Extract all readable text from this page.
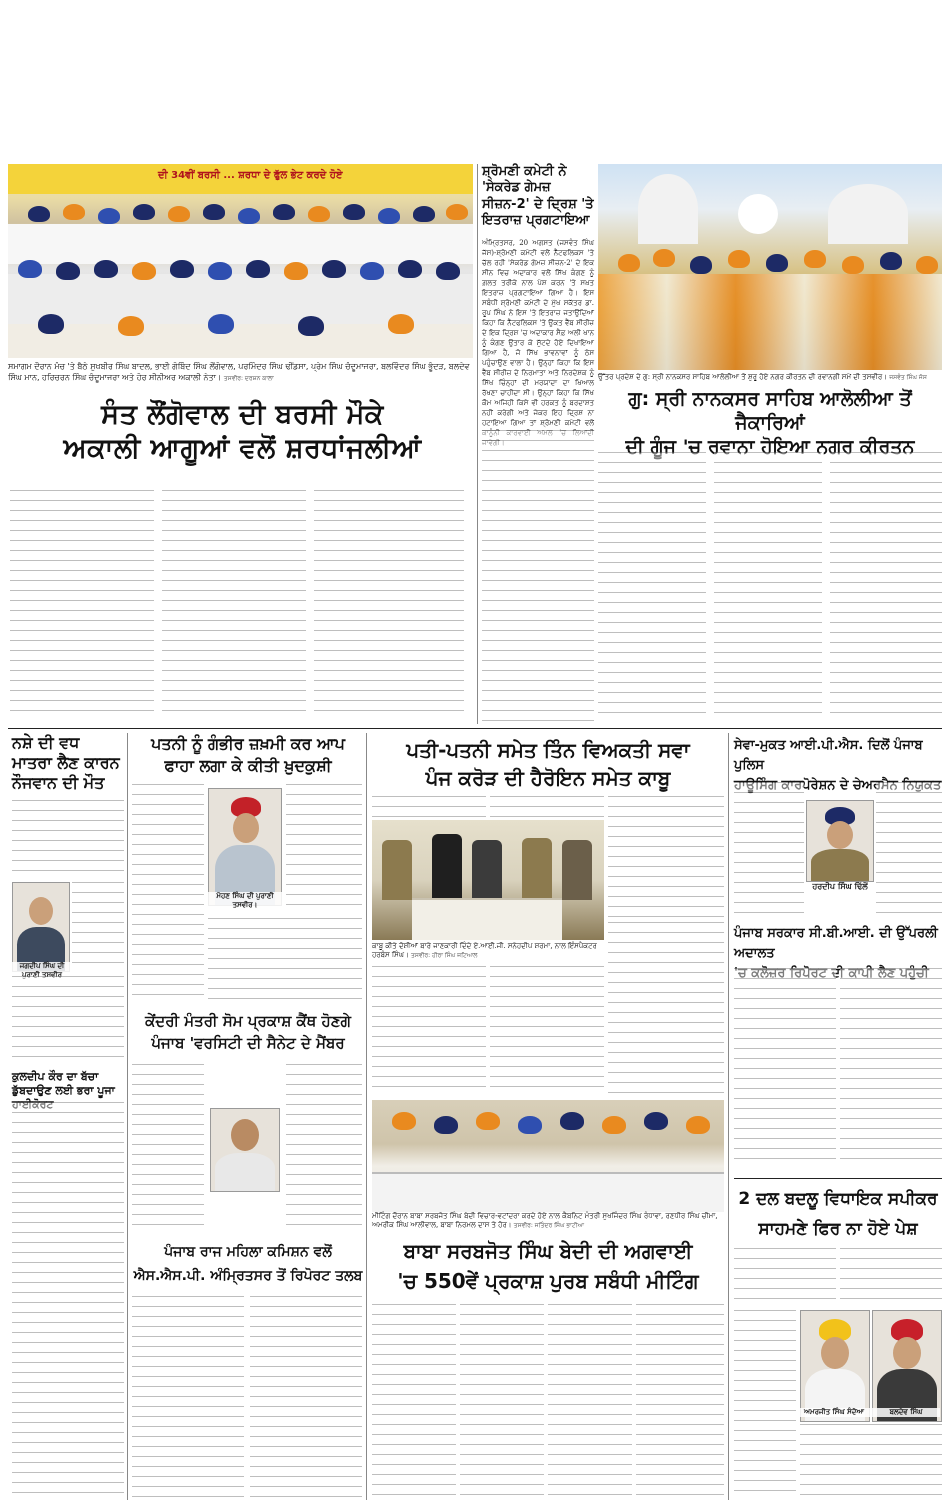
ਦੀ 34ਵੀਂ ਬਰਸੀ ... ਸ਼ਰਧਾ ਦੇ ਫੁੱਲ ਭੇਟ ਕਰਦੇ ਹੋਏ
ਸਮਾਗਮ ਦੌਰਾਨ ਮੰਚ 'ਤੇ ਬੈਠੇ ਸੁਖਬੀਰ ਸਿੰਘ ਬਾਦਲ, ਭਾਈ ਗੋਬਿੰਦ ਸਿੰਘ ਲੌਂਗੋਵਾਲ, ਪਰਮਿੰਦਰ ਸਿੰਘ ਢੀਂਡਸਾ, ਪ੍ਰੇਮ ਸਿੰਘ ਚੰਦੂਮਾਜਰਾ, ਬਲਵਿੰਦਰ ਸਿੰਘ ਭੂੰਦੜ, ਬਲਦੇਵ ਸਿੰਘ ਮਾਨ, ਹਰਿਚਰਨ ਸਿੰਘ ਚੰਦੂਮਾਜਰਾ ਅਤੇ ਹੋਰ ਸੀਨੀਅਰ ਅਕਾਲੀ ਨੇਤਾ। ਤਸਵੀਰ: ਦਰਸ਼ਨ ਕਾਲਾ
ਸੰਤ ਲੌਂਗੋਵਾਲ ਦੀ ਬਰਸੀ ਮੌਕੇ
ਅਕਾਲੀ ਆਗੂਆਂ ਵਲੋਂ ਸ਼ਰਧਾਂਜਲੀਆਂ
ਸ਼੍ਰੋਮਣੀ ਕਮੇਟੀ ਨੇ 'ਸੇਕਰੇਡ ਗੇਮਜ਼ ਸੀਜ਼ਨ-2' ਦੇ ਦ੍ਰਿਸ਼ 'ਤੇ ਇਤਰਾਜ਼ ਪ੍ਰਗਟਾਇਆ
ਅੰਮ੍ਰਿਤਸਰ, 20 ਅਗਸਤ (ਜਸਵੰਤ ਸਿੰਘ ਜੱਸ)-ਸ਼੍ਰੋਮਣੀ ਕਮੇਟੀ ਵਲੋਂ ਨੈੱਟਫਲਿਕਸ 'ਤੇ ਚੱਲ ਰਹੀ 'ਸੇਕਰੇਡ ਗੇਮਜ਼ ਸੀਜ਼ਨ-2' ਦੇ ਇਕ ਸੀਨ ਵਿਚ ਅਦਾਕਾਰ ਵਲੋਂ ਸਿੱਖ ਕੰਗਣ ਨੂੰ ਗ਼ਲਤ ਤਰੀਕੇ ਨਾਲ ਪੇਸ਼ ਕਰਨ 'ਤੇ ਸਖ਼ਤ ਇਤਰਾਜ਼ ਪ੍ਰਗਟਾਇਆ ਗਿਆ ਹੈ। ਇਸ ਸਬੰਧੀ ਸ਼੍ਰੋਮਣੀ ਕਮੇਟੀ ਦੇ ਮੁੱਖ ਸਕੱਤਰ ਡਾ. ਰੂਪ ਸਿੰਘ ਨੇ ਇਸ 'ਤੇ ਇਤਰਾਜ਼ ਜਤਾਉਂਦਿਆਂ ਕਿਹਾ ਕਿ ਨੈੱਟਫਲਿਕਸ 'ਤੇ ਉਕਤ ਵੈੱਬ ਸੀਰੀਜ਼ ਦੇ ਇਕ ਦ੍ਰਿਸ਼ 'ਚ ਅਦਾਕਾਰ ਸੈਫ਼ ਅਲੀ ਖਾਨ ਨੂੰ ਕੰਗਣ ਉਤਾਰ ਕੇ ਸੁੱਟਦੇ ਹੋਏ ਦਿਖਾਇਆ ਗਿਆ ਹੈ, ਜੋ ਸਿੱਖ ਭਾਵਨਾਵਾਂ ਨੂੰ ਠੇਸ ਪਹੁੰਚਾਉਣ ਵਾਲਾ ਹੈ। ਉਨ੍ਹਾਂ ਕਿਹਾ ਕਿ ਇਸ ਵੈੱਬ ਸੀਰੀਜ਼ ਦੇ ਨਿਰਮਾਤਾ ਅਤੇ ਨਿਰਦੇਸ਼ਕ ਨੂੰ ਸਿੱਖ ਚਿੰਨ੍ਹਾਂ ਦੀ ਮਰਯਾਦਾ ਦਾ ਖਿਆਲ ਰੱਖਣਾ ਚਾਹੀਦਾ ਸੀ। ਉਨ੍ਹਾਂ ਕਿਹਾ ਕਿ ਸਿੱਖ ਕੌਮ ਅਜਿਹੀ ਕਿਸੇ ਵੀ ਹਰਕਤ ਨੂੰ ਬਰਦਾਸ਼ਤ ਨਹੀਂ ਕਰੇਗੀ ਅਤੇ ਜੇਕਰ ਇਹ ਦ੍ਰਿਸ਼ ਨਾ ਹਟਾਇਆ ਗਿਆ ਤਾਂ ਸ਼੍ਰੋਮਣੀ ਕਮੇਟੀ ਵਲੋਂ ਕਾਨੂੰਨੀ ਕਾਰਵਾਈ ਅਮਲ 'ਚ ਲਿਆਂਦੀ ਜਾਵੇਗੀ।
ਉੱਤਰ ਪ੍ਰਦੇਸ਼ ਦੇ ਗੁ: ਸ੍ਰੀ ਨਾਨਕਸਰ ਸਾਹਿਬ ਆਲੋਲੀਆ ਤੋਂ ਸ਼ੁਰੂ ਹੋਏ ਨਗਰ ਕੀਰਤਨ ਦੀ ਰਵਾਨਗੀ ਸਮੇਂ ਦੀ ਤਸਵੀਰ। ਜਸਵੰਤ ਸਿੰਘ ਜੱਸ
ਗੁ: ਸ੍ਰੀ ਨਾਨਕਸਰ ਸਾਹਿਬ ਆਲੋਲੀਆ ਤੋਂ ਜੈਕਾਰਿਆਂ
ਦੀ ਗੂੰਜ 'ਚ ਰਵਾਨਾ ਹੋਇਆ ਨਗਰ ਕੀਰਤਨ
ਨਸ਼ੇ ਦੀ ਵਧ ਮਾਤਰਾ ਲੈਣ ਕਾਰਨ ਨੌਜਵਾਨ ਦੀ ਮੌਤ
ਜਗਦੀਪ ਸਿੰਘ ਦੀ ਪੁਰਾਣੀ ਤਸਵੀਰ
ਕੁਲਦੀਪ ਕੌਰ ਦਾ ਬੱਚਾ ਡੁੱਬਦਾਉਣ ਲਈ ਭਰਾ ਪੂਜਾ ਹਾਈਕੋਰਟ
ਪਤਨੀ ਨੂੰ ਗੰਭੀਰ ਜ਼ਖ਼ਮੀ ਕਰ ਆਪ
ਫਾਹਾ ਲਗਾ ਕੇ ਕੀਤੀ ਖ਼ੁਦਕੁਸ਼ੀ
ਮੋਹਣ ਸਿੰਘ ਦੀ ਪੁਰਾਣੀ ਤਸਵੀਰ।
ਕੇਂਦਰੀ ਮੰਤਰੀ ਸੋਮ ਪ੍ਰਕਾਸ਼ ਕੈਂਥ ਹੋਣਗੇ
ਪੰਜਾਬ 'ਵਰਸਿਟੀ ਦੀ ਸੈਨੇਟ ਦੇ ਮੈਂਬਰ
ਪੰਜਾਬ ਰਾਜ ਮਹਿਲਾ ਕਮਿਸ਼ਨ ਵਲੋਂ
ਐਸ.ਐਸ.ਪੀ. ਅੰਮ੍ਰਿਤਸਰ ਤੋਂ ਰਿਪੋਰਟ ਤਲਬ
ਪਤੀ-ਪਤਨੀ ਸਮੇਤ ਤਿੰਨ ਵਿਅਕਤੀ ਸਵਾ
ਪੰਜ ਕਰੋੜ ਦੀ ਹੈਰੋਇਨ ਸਮੇਤ ਕਾਬੂ
ਕਾਬੂ ਕੀਤੇ ਦੋਸ਼ੀਆਂ ਬਾਰੇ ਜਾਣਕਾਰੀ ਦਿੰਦੇ ਏ.ਆਈ.ਜੀ. ਸਨੇਹਦੀਪ ਸ਼ਰਮਾ, ਨਾਲ ਇੰਸਪੈਕਟਰ ਹਰਬੰਸ ਸਿੰਘ। ਤਸਵੀਰ: ਹੀਰਾ ਸਿੰਘ ਜਟਿਆਲ
ਮੀਟਿੰਗ ਦੌਰਾਨ ਬਾਬਾ ਸਰਬਜੋਤ ਸਿੰਘ ਬੇਦੀ ਵਿਚਾਰ-ਵਟਾਂਦਰਾ ਕਰਦੇ ਹੋਏ ਨਾਲ ਕੈਬਨਿਟ ਮੰਤਰੀ ਸੁਖਜਿੰਦਰ ਸਿੰਘ ਰੰਧਾਵਾ, ਰਣਧੀਰ ਸਿੰਘ ਚੀਮਾ, ਅਮਰੀਕ ਸਿੰਘ ਆਲੀਵਾਲ, ਬਾਬਾ ਨਿਰਮਲ ਦਾਸ ਤੇ ਹੋਰ। ਤਸਵੀਰ: ਜਤਿੰਦਰ ਸਿੰਘ ਭਾਟੀਆ
ਬਾਬਾ ਸਰਬਜੋਤ ਸਿੰਘ ਬੇਦੀ ਦੀ ਅਗਵਾਈ
'ਚ 550ਵੇਂ ਪ੍ਰਕਾਸ਼ ਪੁਰਬ ਸਬੰਧੀ ਮੀਟਿੰਗ
ਸੇਵਾ-ਮੁਕਤ ਆਈ.ਪੀ.ਐਸ. ਦਿਲੋਂ ਪੰਜਾਬ ਪੁਲਿਸ
ਹਾਊਸਿੰਗ ਕਾਰਪੋਰੇਸ਼ਨ ਦੇ ਚੇਅਰਮੈਨ ਨਿਯੁਕਤ
ਹਰਦੀਪ ਸਿੰਘ ਢਿੱਲੋਂ
ਪੰਜਾਬ ਸਰਕਾਰ ਸੀ.ਬੀ.ਆਈ. ਦੀ ਉੱਪਰਲੀ ਅਦਾਲਤ
'ਚ ਕਲੋਜ਼ਰ ਰਿਪੋਰਟ ਦੀ ਕਾਪੀ ਲੈਣ ਪਹੁੰਚੀ
2 ਦਲ ਬਦਲੂ ਵਿਧਾਇਕ ਸਪੀਕਰ
ਸਾਹਮਣੇ ਫਿਰ ਨਾ ਹੋਏ ਪੇਸ਼
ਅਮਰਜੀਤ ਸਿੰਘ ਸੰਦੋਆ	ਬਲਦੇਵ ਸਿੰਘ
